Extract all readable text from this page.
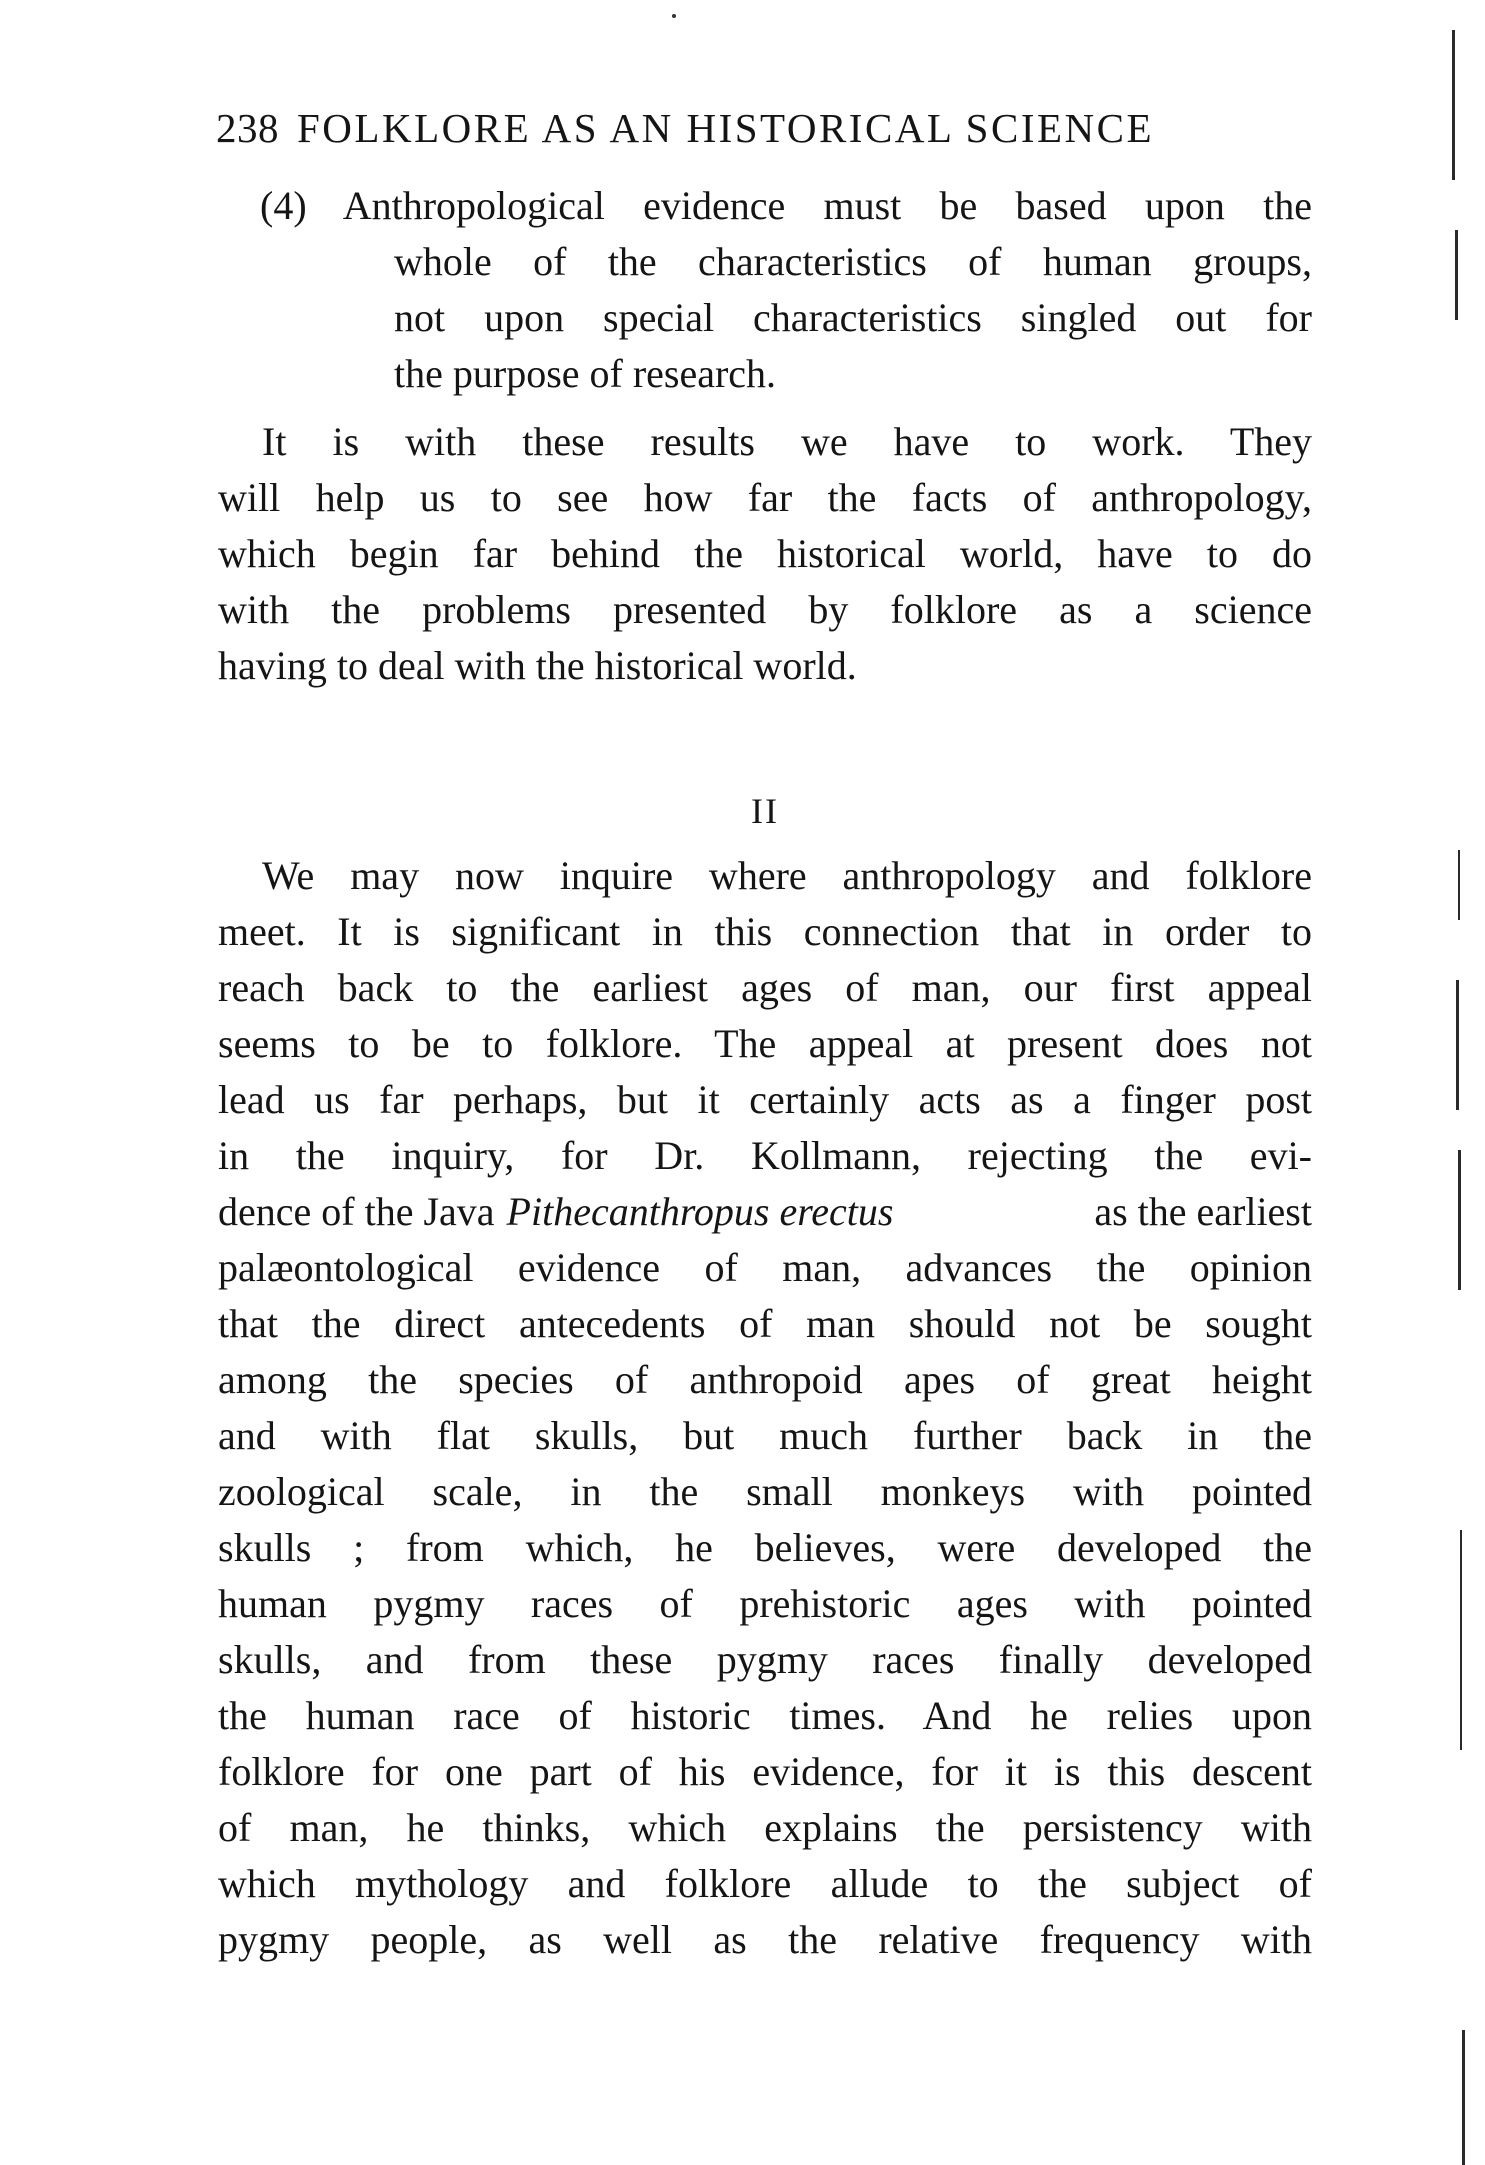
238 FOLKLORE AS AN HISTORICAL SCIENCE
(4) Anthropological evidence must be based upon the
whole of the characteristics of human groups,
not upon special characteristics singled out for
the purpose of research.
It is with these results we have to work. They
will help us to see how far the facts of anthropology,
which begin far behind the historical world, have to do
with the problems presented by folklore as a science
having to deal with the historical world.
II
We may now inquire where anthropology and folklore
meet. It is significant in this connection that in order to
reach back to the earliest ages of man, our first appeal
seems to be to folklore. The appeal at present does not
lead us far perhaps, but it certainly acts as a finger post
in the inquiry, for Dr. Kollmann, rejecting the evi-
dence of the Java Pithecanthropus erectus	as the earliest
palæontological evidence of man, advances the opinion
that the direct antecedents of man should not be sought
among the species of anthropoid apes of great height
and with flat skulls, but much further back in the
zoological scale, in the small monkeys with pointed
skulls ; from which, he believes, were developed the
human pygmy races of prehistoric ages with pointed
skulls, and from these pygmy races finally developed
the human race of historic times. And he relies upon
folklore for one part of his evidence, for it is this descent
of man, he thinks, which explains the persistency with
which mythology and folklore allude to the subject of
pygmy people, as well as the relative frequency with
